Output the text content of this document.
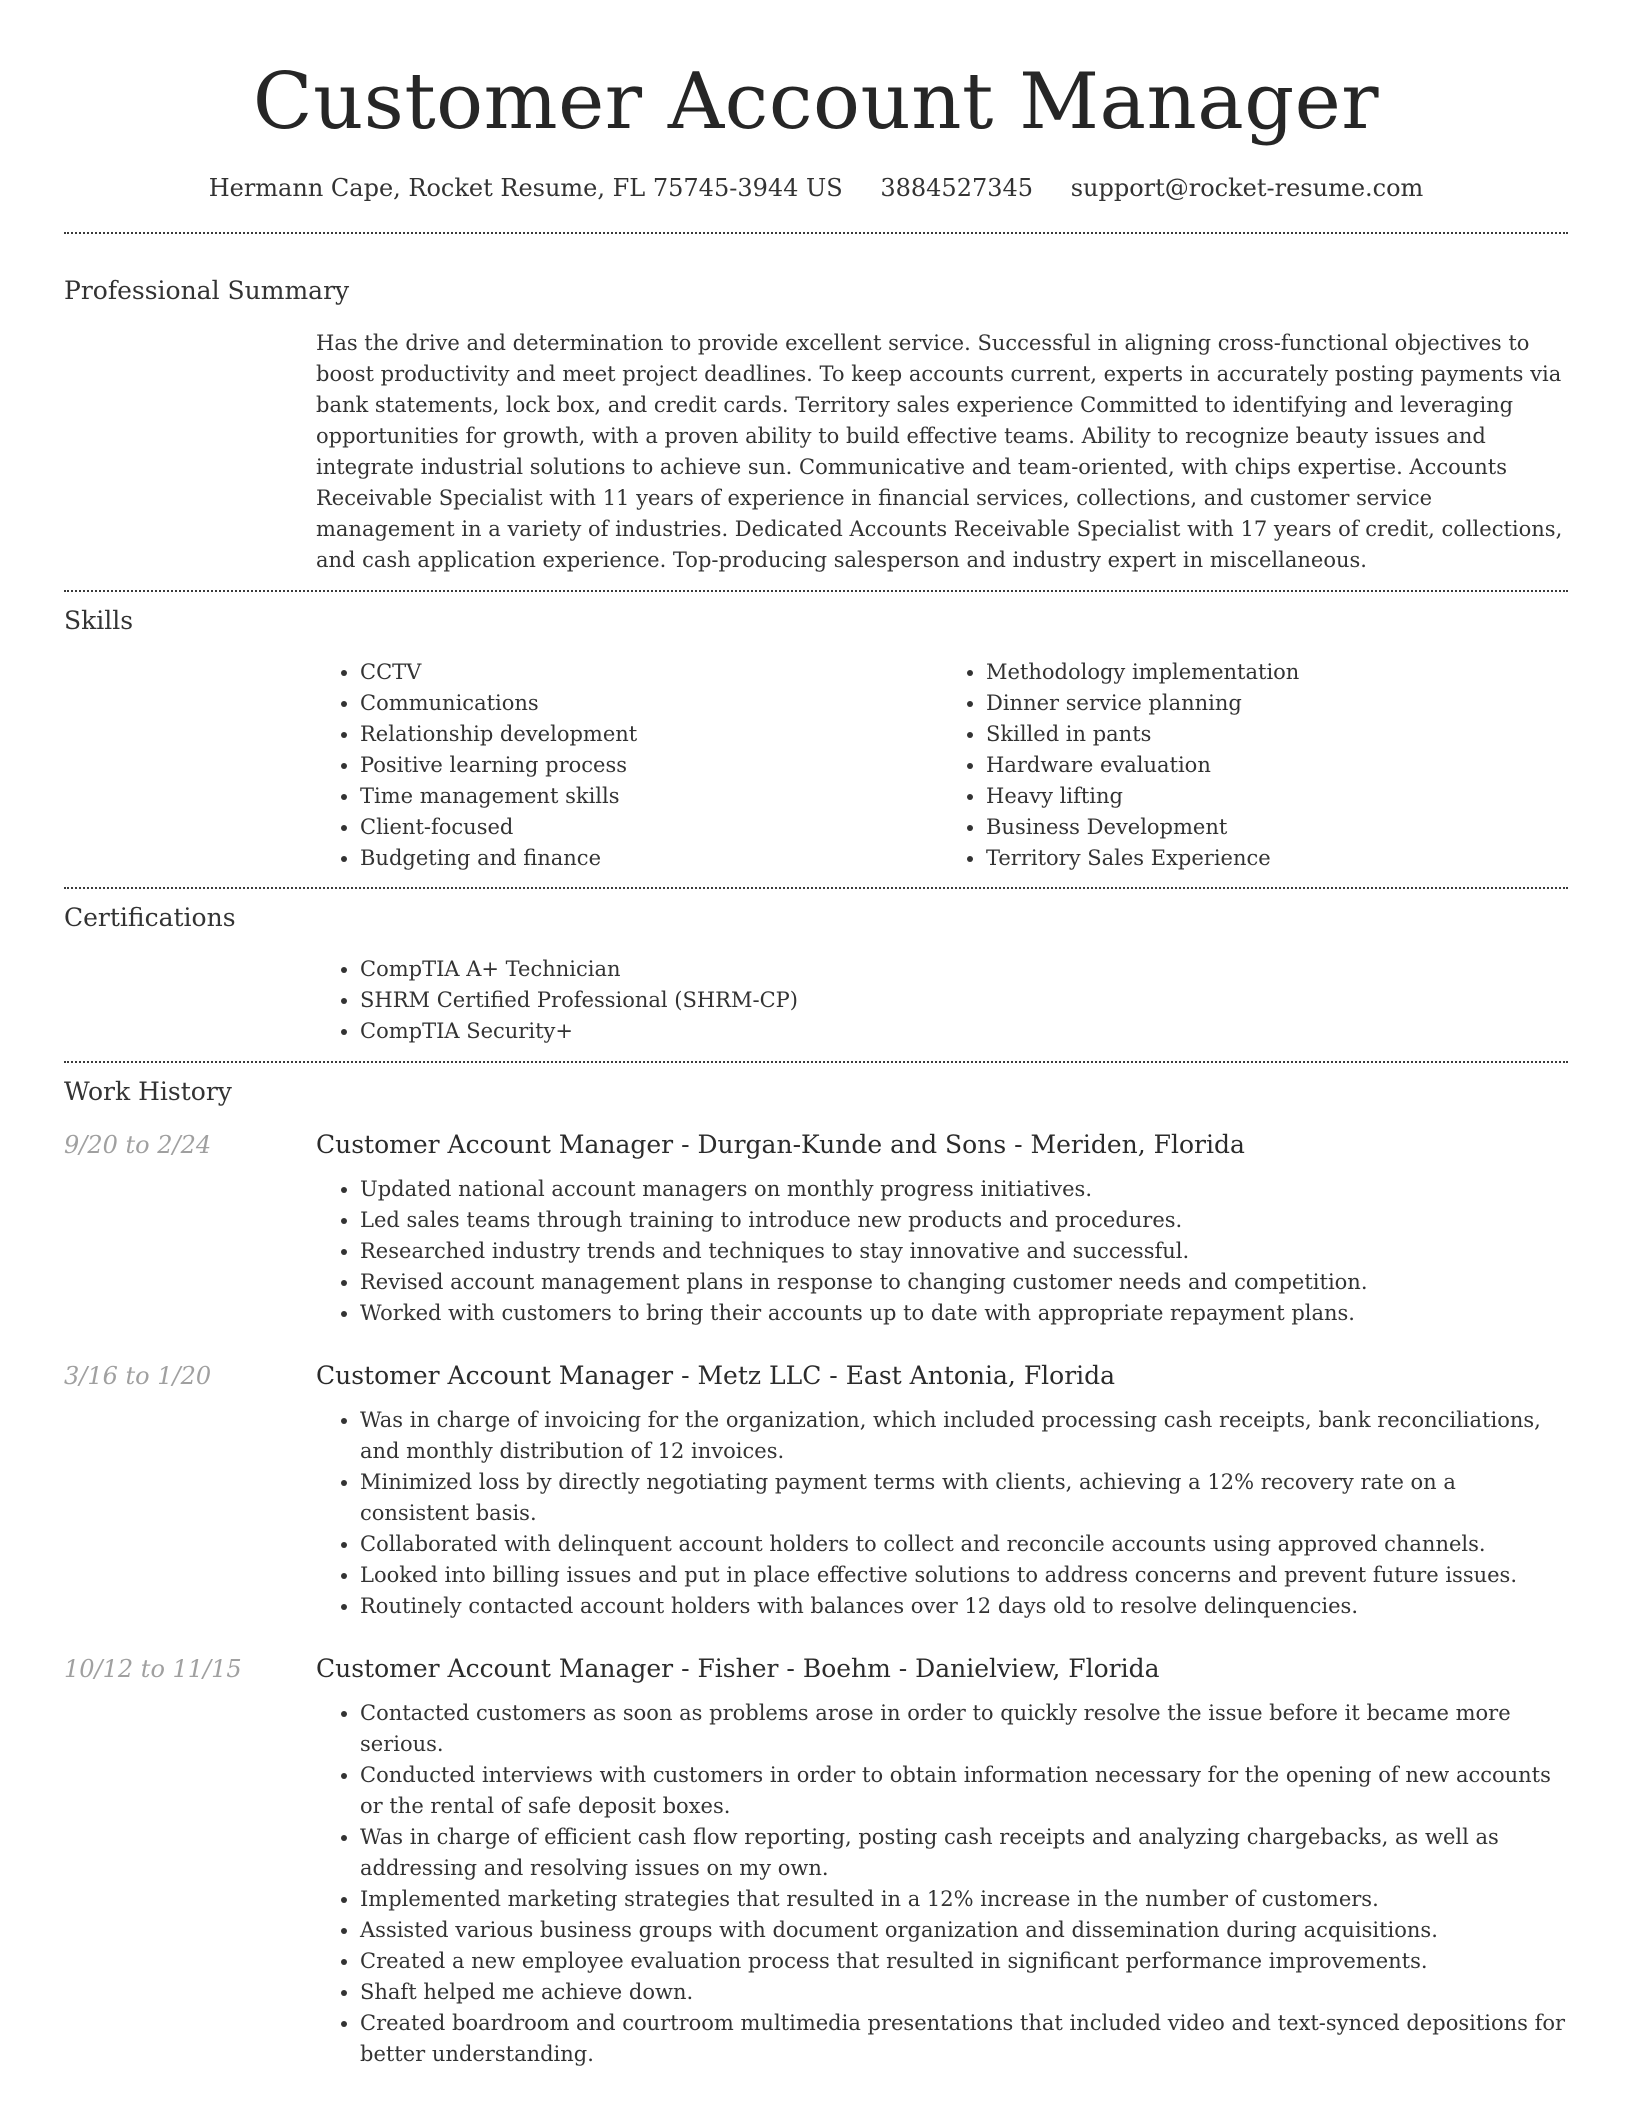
Customer Account Manager
Hermann Cape, Rocket Resume, FL 75745-3944 US 3884527345 support@rocket-resume.com
Professional Summary
Has the drive and determination to provide excellent service. Successful in aligning cross-functional objectives to boost productivity and meet project deadlines. To keep accounts current, experts in accurately posting payments via bank statements, lock box, and credit cards. Territory sales experience Committed to identifying and leveraging opportunities for growth, with a proven ability to build effective teams. Ability to recognize beauty issues and integrate industrial solutions to achieve sun. Communicative and team-oriented, with chips expertise. Accounts Receivable Specialist with 11 years of experience in financial services, collections, and customer service management in a variety of industries. Dedicated Accounts Receivable Specialist with 17 years of credit, collections, and cash application experience. Top-producing salesperson and industry expert in miscellaneous.
Skills
• CCTV
• Communications
• Relationship development
• Positive learning process
• Time management skills
• Client-focused
• Budgeting and finance
• Methodology implementation
• Dinner service planning
• Skilled in pants
• Hardware evaluation
• Heavy lifting
• Business Development
• Territory Sales Experience
Certifications
• CompTIA A+ Technician
• SHRM Certified Professional (SHRM-CP)
• CompTIA Security+
Work History
9/20 to 2/24	Customer Account Manager - Durgan-Kunde and Sons - Meriden, Florida
• Updated national account managers on monthly progress initiatives.
• Led sales teams through training to introduce new products and procedures.
• Researched industry trends and techniques to stay innovative and successful.
• Revised account management plans in response to changing customer needs and competition.
• Worked with customers to bring their accounts up to date with appropriate repayment plans.
3/16 to 1/20	Customer Account Manager - Metz LLC - East Antonia, Florida
• Was in charge of invoicing for the organization, which included processing cash receipts, bank reconciliations, and monthly distribution of 12 invoices.
• Minimized loss by directly negotiating payment terms with clients, achieving a 12% recovery rate on a consistent basis.
• Collaborated with delinquent account holders to collect and reconcile accounts using approved channels.
• Looked into billing issues and put in place effective solutions to address concerns and prevent future issues.
• Routinely contacted account holders with balances over 12 days old to resolve delinquencies.
10/12 to 11/15	Customer Account Manager - Fisher - Boehm - Danielview, Florida
• Contacted customers as soon as problems arose in order to quickly resolve the issue before it became more serious.
• Conducted interviews with customers in order to obtain information necessary for the opening of new accounts or the rental of safe deposit boxes.
• Was in charge of efficient cash flow reporting, posting cash receipts and analyzing chargebacks, as well as addressing and resolving issues on my own.
• Implemented marketing strategies that resulted in a 12% increase in the number of customers.
• Assisted various business groups with document organization and dissemination during acquisitions.
• Created a new employee evaluation process that resulted in significant performance improvements.
• Shaft helped me achieve down.
• Created boardroom and courtroom multimedia presentations that included video and text-synced depositions for better understanding.
